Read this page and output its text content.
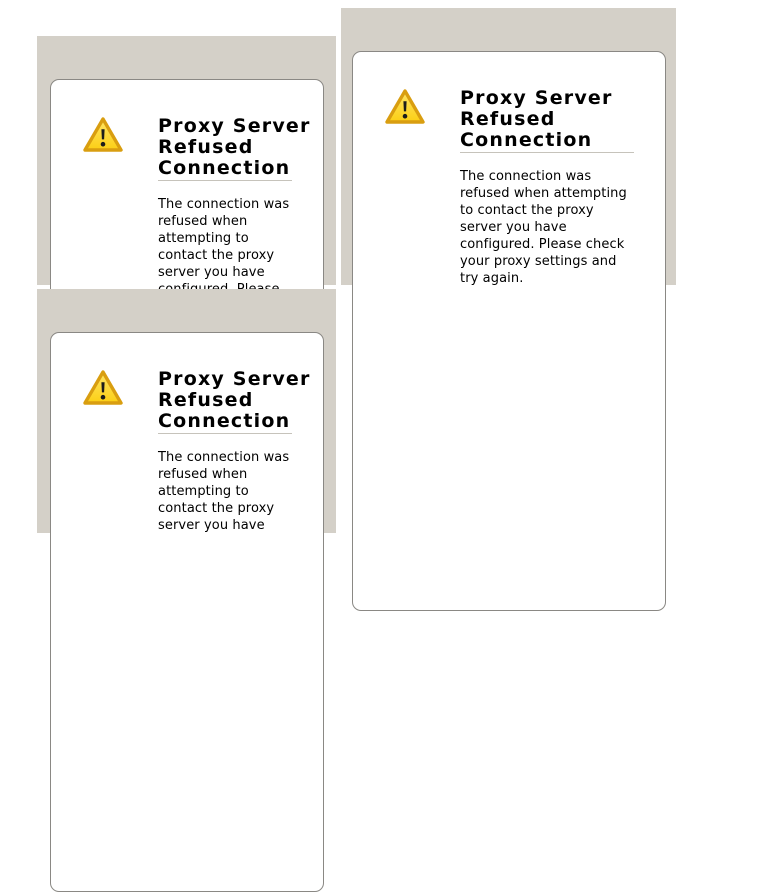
Proxy Server
Refused
Connection
The connection was
refused when
attempting to
contact the proxy
server you have
Proxy Server
Refused
Connection
The connection was
refused when attempting
to contact the proxy
server you have
configured. Please check
your proxy settings and
try again.
Proxy Server
Refused
Connection
The connection was
refused when
attempting to
contact the proxy
server you have
